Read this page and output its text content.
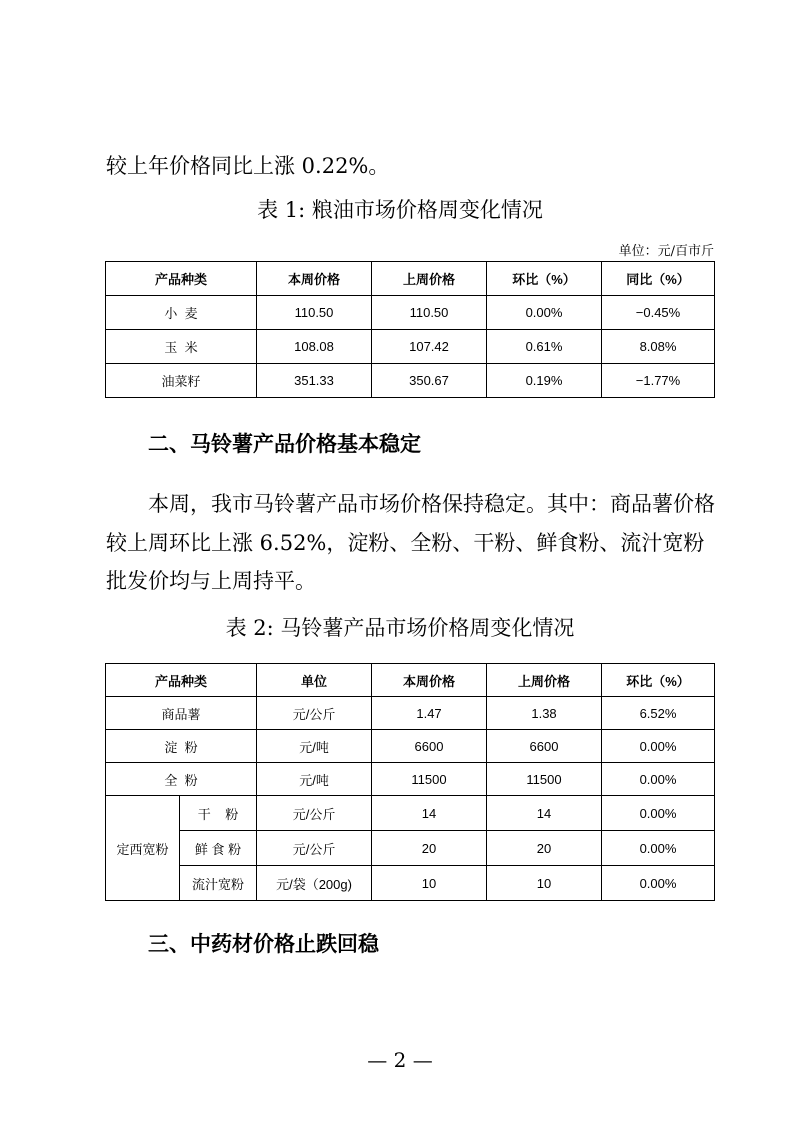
较上年价格同比上涨 0.22%。

表 1: 粮油市场价格周变化情况

单位：元/百市斤
产品种类	本周价格	上周价格	环比（%）	同比（%）
小  麦	110.50	110.50	0.00%	−0.45%
玉  米	108.08	107.42	0.61%	8.08%
油菜籽	351.33	350.67	0.19%	−1.77%
二、马铃薯产品价格基本稳定

本周，我市马铃薯产品市场价格保持稳定。其中：商品薯价格较上周环比上涨 6.52%，淀粉、全粉、干粉、鲜食粉、流汁宽粉批发价均与上周持平。

表 2: 马铃薯产品市场价格周变化情况

产品种类		单位	本周价格	上周价格	环比（%）
商品薯		元/公斤	1.47	1.38	6.52%
淀  粉		元/吨	6600	6600	0.00%
全  粉		元/吨	11500	11500	0.00%
定西宽粉	干    粉	元/公斤	14	14	0.00%
	鲜 食 粉	元/公斤	20	20	0.00%
	流汁宽粉	元/袋（200g)	10	10	0.00%
三、中药材价格止跌回稳

— 2 —
